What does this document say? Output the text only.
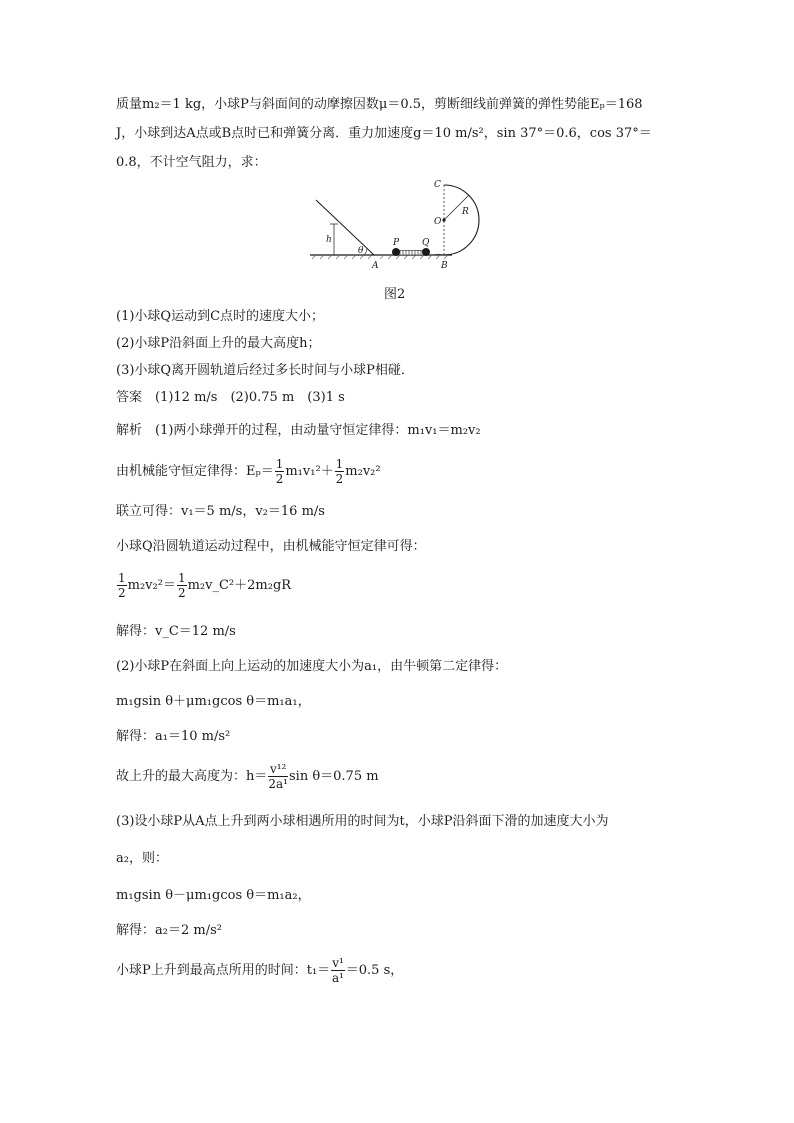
质量m₂＝1 kg，小球P与斜面间的动摩擦因数μ＝0.5，剪断细线前弹簧的弹性势能Eₚ＝168
J，小球到达A点或B点时已和弹簧分离．重力加速度g＝10 m/s²，sin 37°＝0.6，cos 37°＝
0.8，不计空气阻力，求：
C
O
R
h
θ
P	Q
A	B
图2
(1)小球Q运动到C点时的速度大小；
(2)小球P沿斜面上升的最大高度h；
(3)小球Q离开圆轨道后经过多长时间与小球P相碰．
答案　(1)12 m/s　(2)0.75 m　(3)1 s
解析　(1)两小球弹开的过程，由动量守恒定律得：m₁v₁＝m₂v₂
由机械能守恒定律得：$E_p= \frac{1}{2} m_1v_1^2+ \frac{1}{2} m_2v_2^2$
联立可得：v₁＝5 m/s，v₂＝16 m/s
小球Q沿圆轨道运动过程中，由机械能守恒定律可得：
$\frac{1}{2} m_2v_2^2= \frac{1}{2}$ m₂v_C²＋2m₂gR
解得：v_C＝12 m/s
(2)小球P在斜面上向上运动的加速度大小为a₁，由牛顿第二定律得：
m₁gsin θ＋μm₁gcos θ＝m₁a₁，
解得：a₁＝10 m/s²
故上升的最大高度为：$h= \frac{\text{v¹²}}{\text{2a¹}}$ sin θ＝0.75 m
(3)设小球P从A点上升到两小球相遇所用的时间为t，小球P沿斜面下滑的加速度大小为
a₂，则：
m₁gsin θ－μm₁gcos θ＝m₁a₂，
解得：a₂＝2 m/s²
小球P上升到最高点所用的时间：$t_1= \frac{\text{v¹}}{\text{a¹}} =0.5$ s，
